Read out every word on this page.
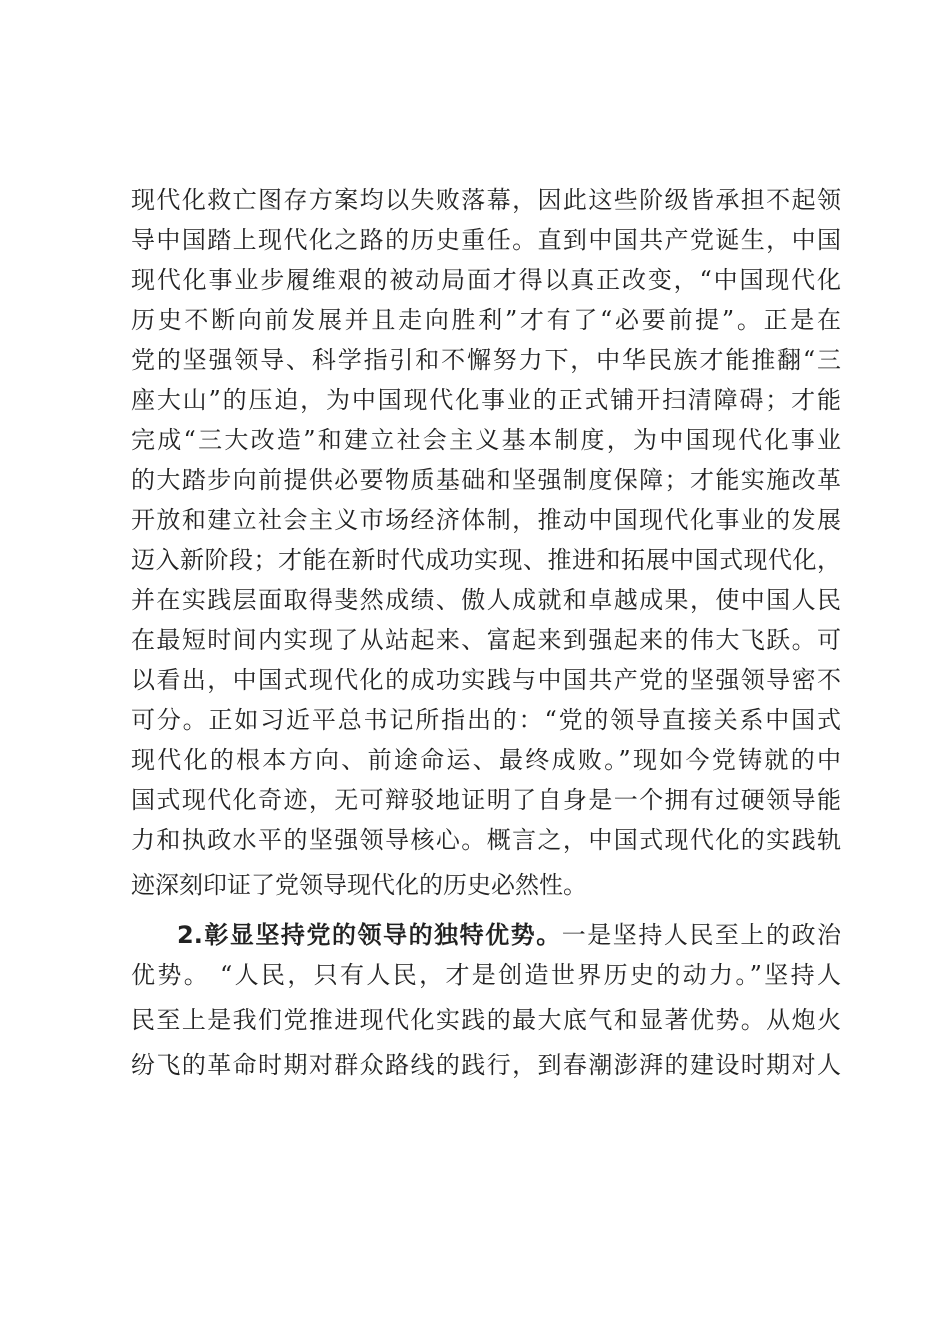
现代化救亡图存方案均以失败落幕，因此这些阶级皆承担不起领
导中国踏上现代化之路的历史重任。直到中国共产党诞生，中国
现代化事业步履维艰的被动局面才得以真正改变，“中国现代化
历史不断向前发展并且走向胜利”才有了“必要前提”。正是在
党的坚强领导、科学指引和不懈努力下，中华民族才能推翻“三
座大山”的压迫，为中国现代化事业的正式铺开扫清障碍；才能
完成“三大改造”和建立社会主义基本制度，为中国现代化事业
的大踏步向前提供必要物质基础和坚强制度保障；才能实施改革
开放和建立社会主义市场经济体制，推动中国现代化事业的发展
迈入新阶段；才能在新时代成功实现、推进和拓展中国式现代化，
并在实践层面取得斐然成绩、傲人成就和卓越成果，使中国人民
在最短时间内实现了从站起来、富起来到强起来的伟大飞跃。可
以看出，中国式现代化的成功实践与中国共产党的坚强领导密不
可分。正如习近平总书记所指出的：“党的领导直接关系中国式
现代化的根本方向、前途命运、最终成败。”现如今党铸就的中
国式现代化奇迹，无可辩驳地证明了自身是一个拥有过硬领导能
力和执政水平的坚强领导核心。概言之，中国式现代化的实践轨
迹深刻印证了党领导现代化的历史必然性。
2.彰显坚持党的领导的独特优势。一是坚持人民至上的政治
优势。 “人民，只有人民，才是创造世界历史的动力。”坚持人
民至上是我们党推进现代化实践的最大底气和显著优势。从炮火
纷飞的革命时期对群众路线的践行，到春潮澎湃的建设时期对人
